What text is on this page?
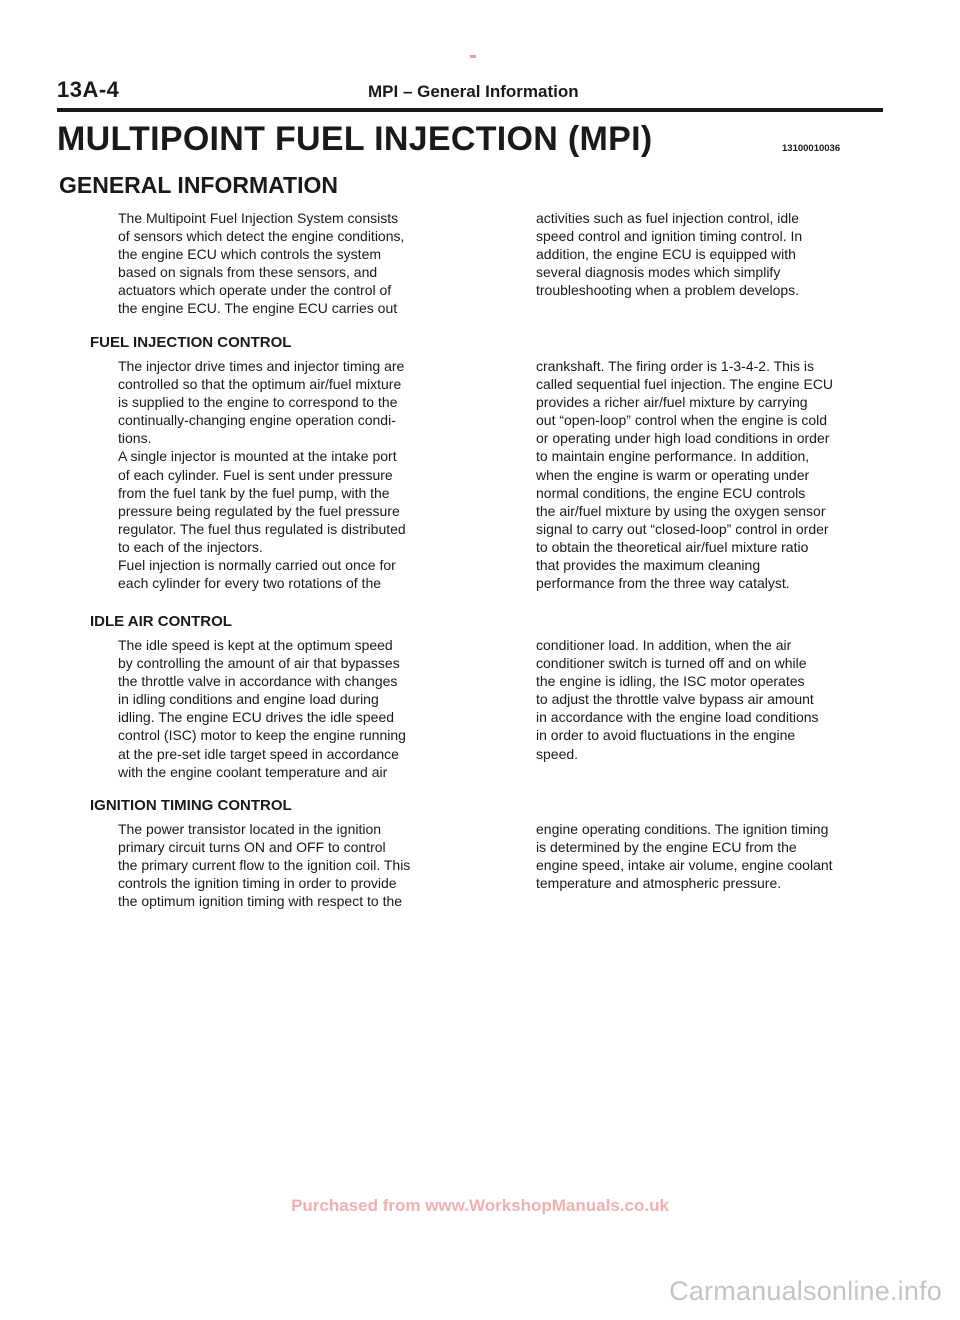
13A-4	MPI – General Information
MULTIPOINT FUEL INJECTION (MPI)	13100010036
GENERAL INFORMATION

The Multipoint Fuel Injection System consists
of sensors which detect the engine conditions,
the engine ECU which controls the system
based on signals from these sensors, and
actuators which operate under the control of
the engine ECU. The engine ECU carries out

activities such as fuel injection control, idle
speed control and ignition timing control. In
addition, the engine ECU is equipped with
several diagnosis modes which simplify
troubleshooting when a problem develops.

FUEL INJECTION CONTROL

The injector drive times and injector timing are
controlled so that the optimum air/fuel mixture
is supplied to the engine to correspond to the
continually-changing engine operation condi-
tions.
A single injector is mounted at the intake port
of each cylinder. Fuel is sent under pressure
from the fuel tank by the fuel pump, with the
pressure being regulated by the fuel pressure
regulator. The fuel thus regulated is distributed
to each of the injectors.
Fuel injection is normally carried out once for
each cylinder for every two rotations of the

crankshaft. The firing order is 1-3-4-2. This is
called sequential fuel injection. The engine ECU
provides a richer air/fuel mixture by carrying
out “open-loop” control when the engine is cold
or operating under high load conditions in order
to maintain engine performance. In addition,
when the engine is warm or operating under
normal conditions, the engine ECU controls
the air/fuel mixture by using the oxygen sensor
signal to carry out “closed-loop” control in order
to obtain the theoretical air/fuel mixture ratio
that provides the maximum cleaning
performance from the three way catalyst.

IDLE AIR CONTROL

The idle speed is kept at the optimum speed
by controlling the amount of air that bypasses
the throttle valve in accordance with changes
in idling conditions and engine load during
idling. The engine ECU drives the idle speed
control (ISC) motor to keep the engine running
at the pre-set idle target speed in accordance
with the engine coolant temperature and air

conditioner load. In addition, when the air
conditioner switch is turned off and on while
the engine is idling, the ISC motor operates
to adjust the throttle valve bypass air amount
in accordance with the engine load conditions
in order to avoid fluctuations in the engine
speed.

IGNITION TIMING CONTROL

The power transistor located in the ignition
primary circuit turns ON and OFF to control
the primary current flow to the ignition coil. This
controls the ignition timing in order to provide
the optimum ignition timing with respect to the

engine operating conditions. The ignition timing
is determined by the engine ECU from the
engine speed, intake air volume, engine coolant
temperature and atmospheric pressure.

Purchased from www.WorkshopManuals.co.uk
Carmanualsonline.info
